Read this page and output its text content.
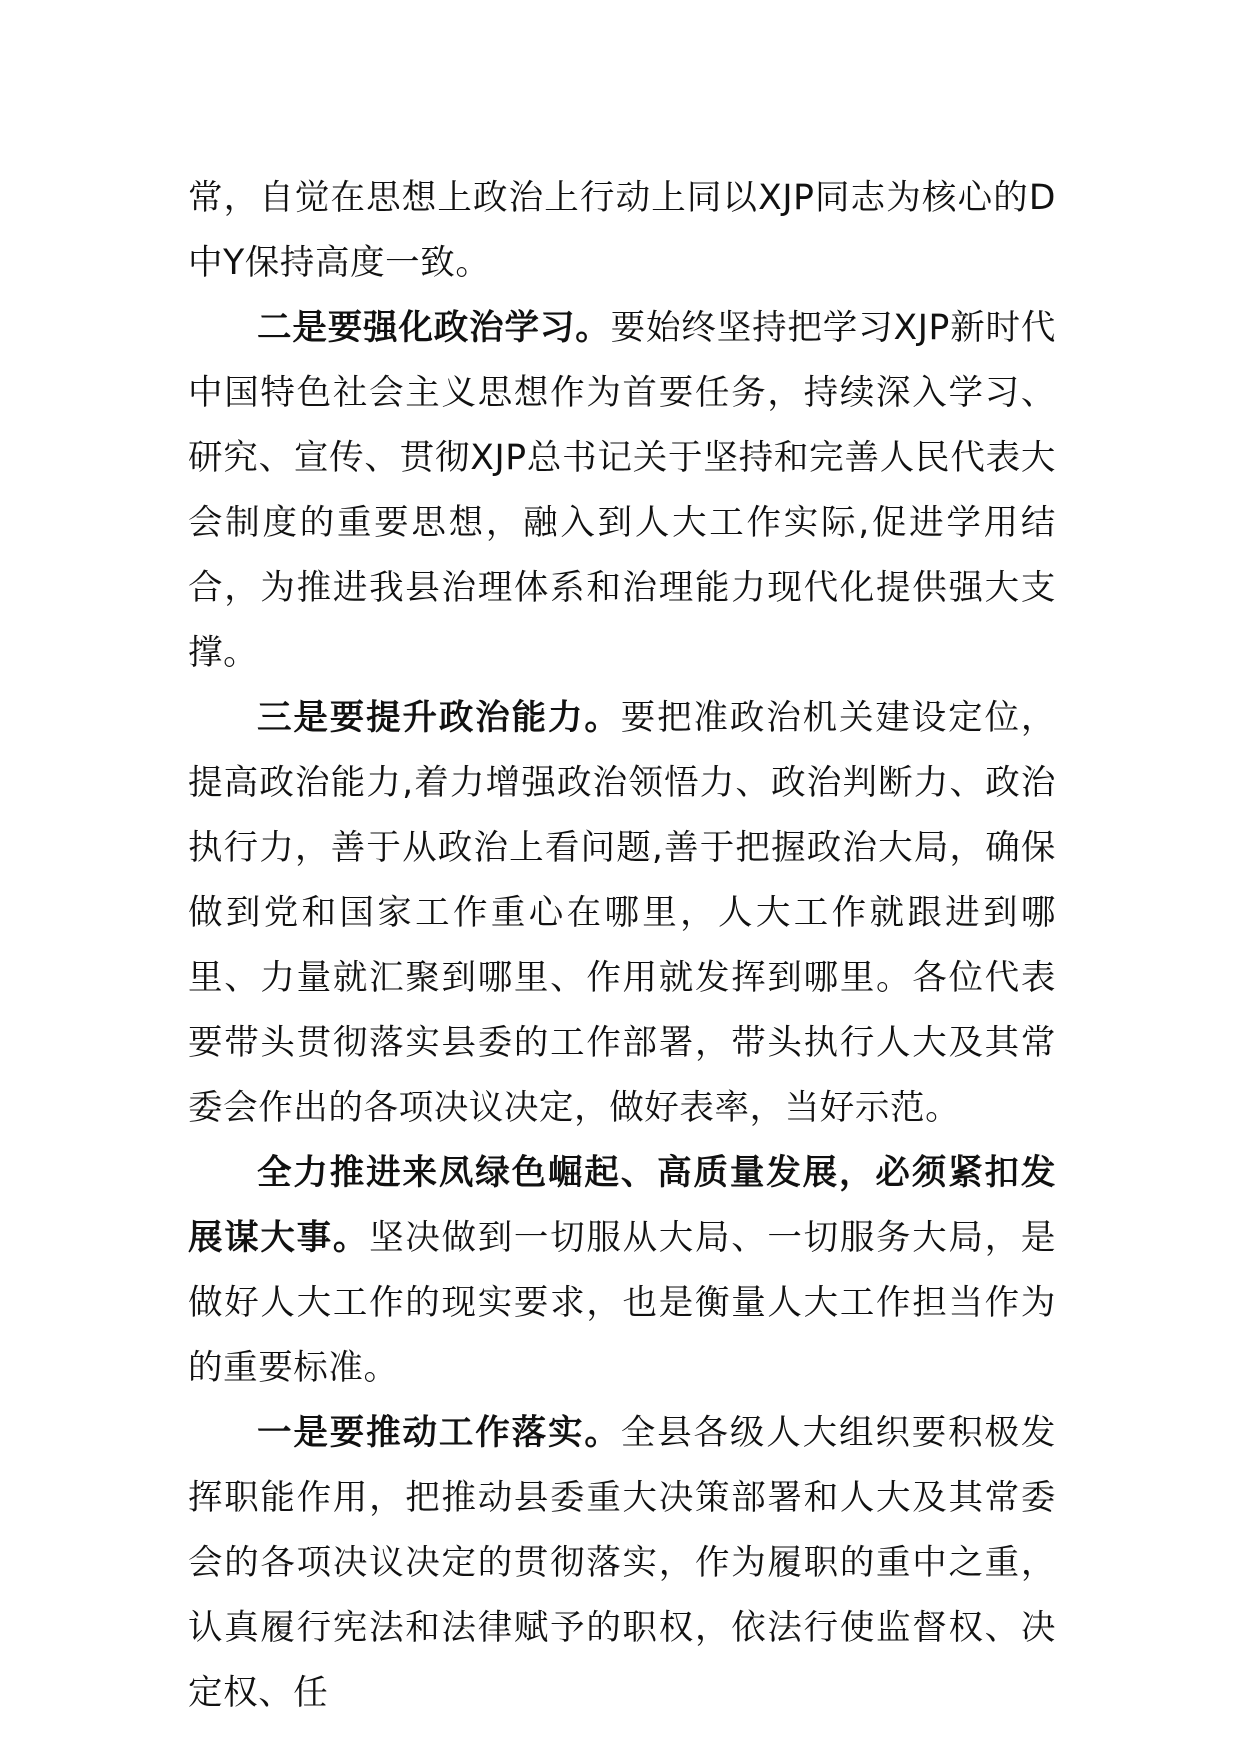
常，自觉在思想上政治上行动上同以XJP同志为核心的D中Y保持高度一致。

二是要强化政治学习。要始终坚持把学习XJP新时代中国特色社会主义思想作为首要任务，持续深入学习、研究、宣传、贯彻XJP总书记关于坚持和完善人民代表大会制度的重要思想，融入到人大工作实际,促进学用结合，为推进我县治理体系和治理能力现代化提供强大支撑。

三是要提升政治能力。要把准政治机关建设定位，提高政治能力,着力增强政治领悟力、政治判断力、政治执行力，善于从政治上看问题,善于把握政治大局，确保做到党和国家工作重心在哪里，人大工作就跟进到哪里、力量就汇聚到哪里、作用就发挥到哪里。各位代表要带头贯彻落实县委的工作部署，带头执行人大及其常委会作出的各项决议决定，做好表率，当好示范。

全力推进来凤绿色崛起、高质量发展，必须紧扣发展谋大事。坚决做到一切服从大局、一切服务大局，是做好人大工作的现实要求，也是衡量人大工作担当作为的重要标准。

一是要推动工作落实。全县各级人大组织要积极发挥职能作用，把推动县委重大决策部署和人大及其常委会的各项决议决定的贯彻落实，作为履职的重中之重，认真履行宪法和法律赋予的职权，依法行使监督权、决定权、任
